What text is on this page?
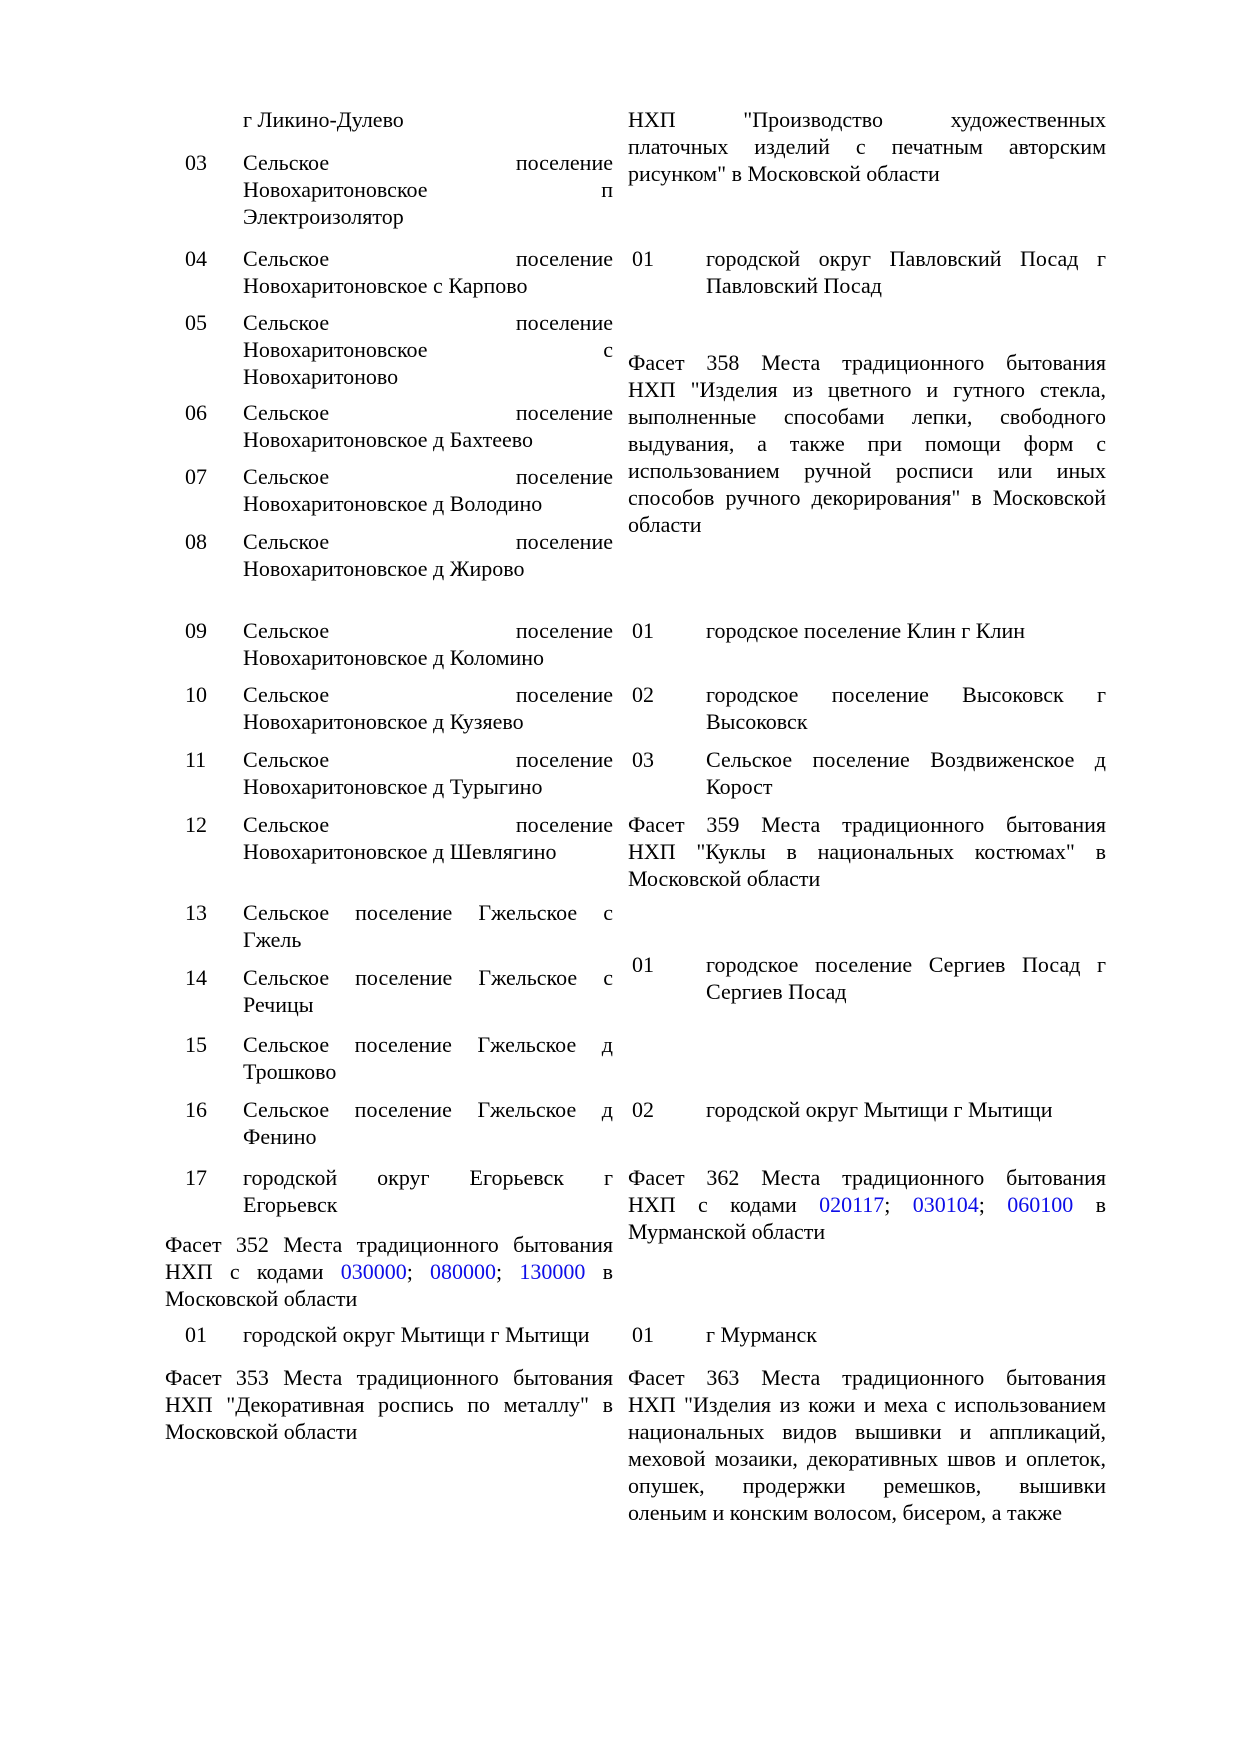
г Ликино-Дулево
03 Сельское поселение
Новохаритоновское п
Электроизолятор
04 Сельское поселение
Новохаритоновское с Карпово
05 Сельское поселение
Новохаритоновское с
Новохаритоново
06 Сельское поселение
Новохаритоновское д Бахтеево
07 Сельское поселение
Новохаритоновское д Володино
08 Сельское поселение
Новохаритоновское д Жирово
09 Сельское поселение
Новохаритоновское д Коломино
10 Сельское поселение
Новохаритоновское д Кузяево
11 Сельское поселение
Новохаритоновское д Турыгино
12 Сельское поселение
Новохаритоновское д Шевлягино
13 Сельское поселение Гжельское с
Гжель
14 Сельское поселение Гжельское с
Речицы
15 Сельское поселение Гжельское д
Трошково
16 Сельское поселение Гжельское д
Фенино
17 городской округ Егорьевск г
Егорьевск
Фасет 352 Места традиционного бытования
НХП с кодами 030000; 080000; 130000 в
Московской области
01 городской округ Мытищи г Мытищи
Фасет 353 Места традиционного бытования
НХП "Декоративная роспись по металлу" в
Московской области
НХП "Производство художественных
платочных изделий с печатным авторским
рисунком" в Московской области
01 городской округ Павловский Посад г
Павловский Посад
Фасет 358 Места традиционного бытования
НХП "Изделия из цветного и гутного стекла,
выполненные способами лепки, свободного
выдувания, а также при помощи форм с
использованием ручной росписи или иных
способов ручного декорирования" в Московской
области
01 городское поселение Клин г Клин
02 городское поселение Высоковск г
Высоковск
03 Сельское поселение Воздвиженское д
Корост
Фасет 359 Места традиционного бытования
НХП "Куклы в национальных костюмах" в
Московской области
01 городское поселение Сергиев Посад г
Сергиев Посад
02 городской округ Мытищи г Мытищи
Фасет 362 Места традиционного бытования
НХП с кодами 020117; 030104; 060100 в
Мурманской области
01 г Мурманск
Фасет 363 Места традиционного бытования
НХП "Изделия из кожи и меха с использованием
национальных видов вышивки и аппликаций,
меховой мозаики, декоративных швов и оплеток,
опушек, продержки ремешков, вышивки
оленьим и конским волосом, бисером, а также
